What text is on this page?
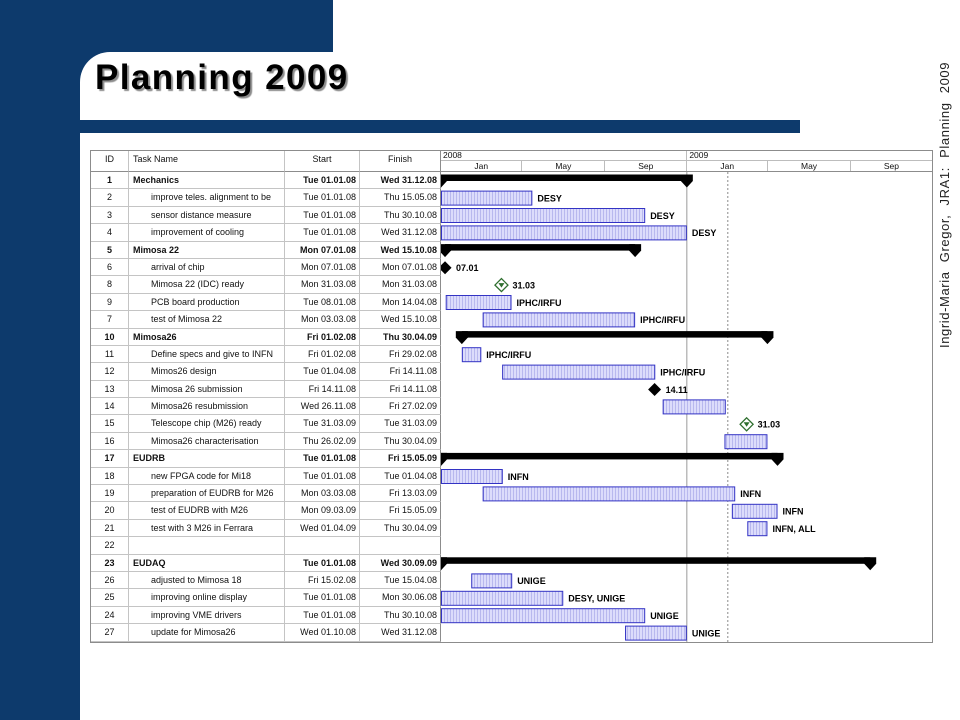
Planning 2009	Ingrid-Maria Gregor, JRA1: Planning 2009
ID	Task Name	Start	Finish	2008	2009
Jan	May	Sep	Jan	May	Sep
1	Mechanics	Tue 01.01.08	Wed 31.12.08
2	improve teles. alignment to be	Tue 01.01.08	Thu 15.05.08
3	sensor distance measure	Tue 01.01.08	Thu 30.10.08
4	improvement of cooling	Tue 01.01.08	Wed 31.12.08
5	Mimosa 22	Mon 07.01.08	Wed 15.10.08
6	arrival of chip	Mon 07.01.08	Mon 07.01.08
8	Mimosa 22 (IDC) ready	Mon 31.03.08	Mon 31.03.08
9	PCB board production	Tue 08.01.08	Mon 14.04.08
7	test of Mimosa 22	Mon 03.03.08	Wed 15.10.08
10	Mimosa26	Fri 01.02.08	Thu 30.04.09
11	Define specs and give to INFN	Fri 01.02.08	Fri 29.02.08
12	Mimos26 design	Tue 01.04.08	Fri 14.11.08
13	Mimosa 26 submission	Fri 14.11.08	Fri 14.11.08
14	Mimosa26 resubmission	Wed 26.11.08	Fri 27.02.09
15	Telescope chip (M26) ready	Tue 31.03.09	Tue 31.03.09
16	Mimosa26 characterisation	Thu 26.02.09	Thu 30.04.09
17	EUDRB	Tue 01.01.08	Fri 15.05.09
18	new FPGA code for Mi18	Tue 01.01.08	Tue 01.04.08
19	preparation of EUDRB for M26	Mon 03.03.08	Fri 13.03.09
20	test of EUDRB with M26	Mon 09.03.09	Fri 15.05.09
21	test with 3 M26 in Ferrara	Wed 01.04.09	Thu 30.04.09
22
23	EUDAQ	Tue 01.01.08	Wed 30.09.09
26	adjusted to Mimosa 18	Fri 15.02.08	Tue 15.04.08
25	improving online display	Tue 01.01.08	Mon 30.06.08
24	improving VME drivers	Tue 01.01.08	Thu 30.10.08
27	update for Mimosa26	Wed 01.10.08	Wed 31.12.08
DESY
DESY
DESY
07.01
31.03
IPHC/IRFU
IPHC/IRFU
IPHC/IRFU
IPHC/IRFU
14.11
31.03
INFN
INFN
INFN
INFN, ALL
UNIGE
DESY, UNIGE
UNIGE
UNIGE
